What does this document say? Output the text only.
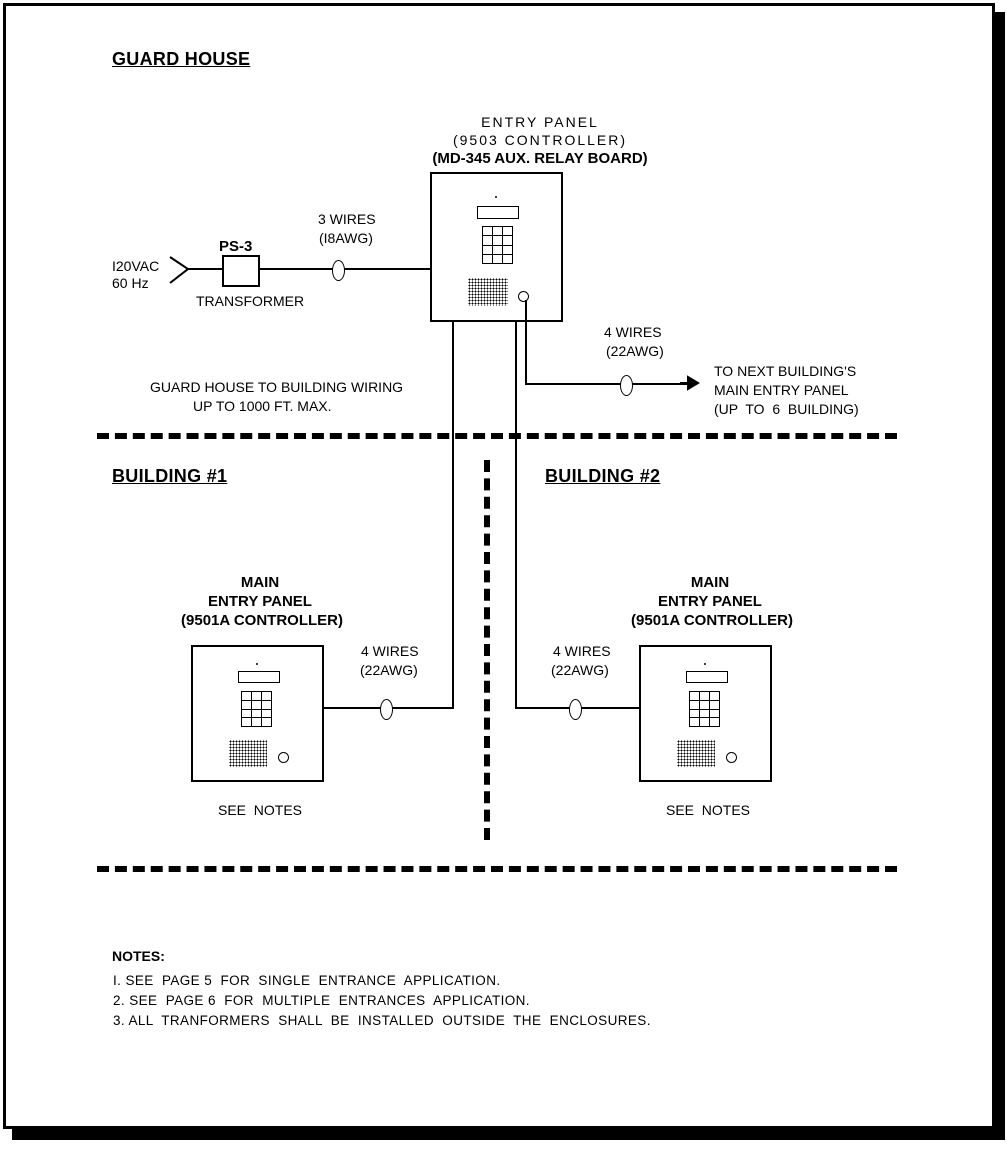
GUARD HOUSE
ENTRY PANEL
(9503 CONTROLLER)
(MD-345 AUX. RELAY BOARD)
I20VAC
60 Hz
PS-3
TRANSFORMER
3 WIRES
(I8AWG)
GUARD HOUSE TO BUILDING WIRING
UP TO 1000 FT. MAX.
4 WIRES
(22AWG)
TO NEXT BUILDING'S
MAIN ENTRY PANEL
(UP  TO  6  BUILDING)
BUILDING #1
MAIN
ENTRY PANEL
(9501A CONTROLLER)
SEE  NOTES
4 WIRES
(22AWG)
BUILDING #2
MAIN
ENTRY PANEL
(9501A CONTROLLER)
SEE  NOTES
4 WIRES
(22AWG)
NOTES:
I. SEE  PAGE 5  FOR  SINGLE  ENTRANCE  APPLICATION.
2. SEE  PAGE 6  FOR  MULTIPLE  ENTRANCES  APPLICATION.
3. ALL  TRANFORMERS  SHALL  BE  INSTALLED  OUTSIDE  THE  ENCLOSURES.
